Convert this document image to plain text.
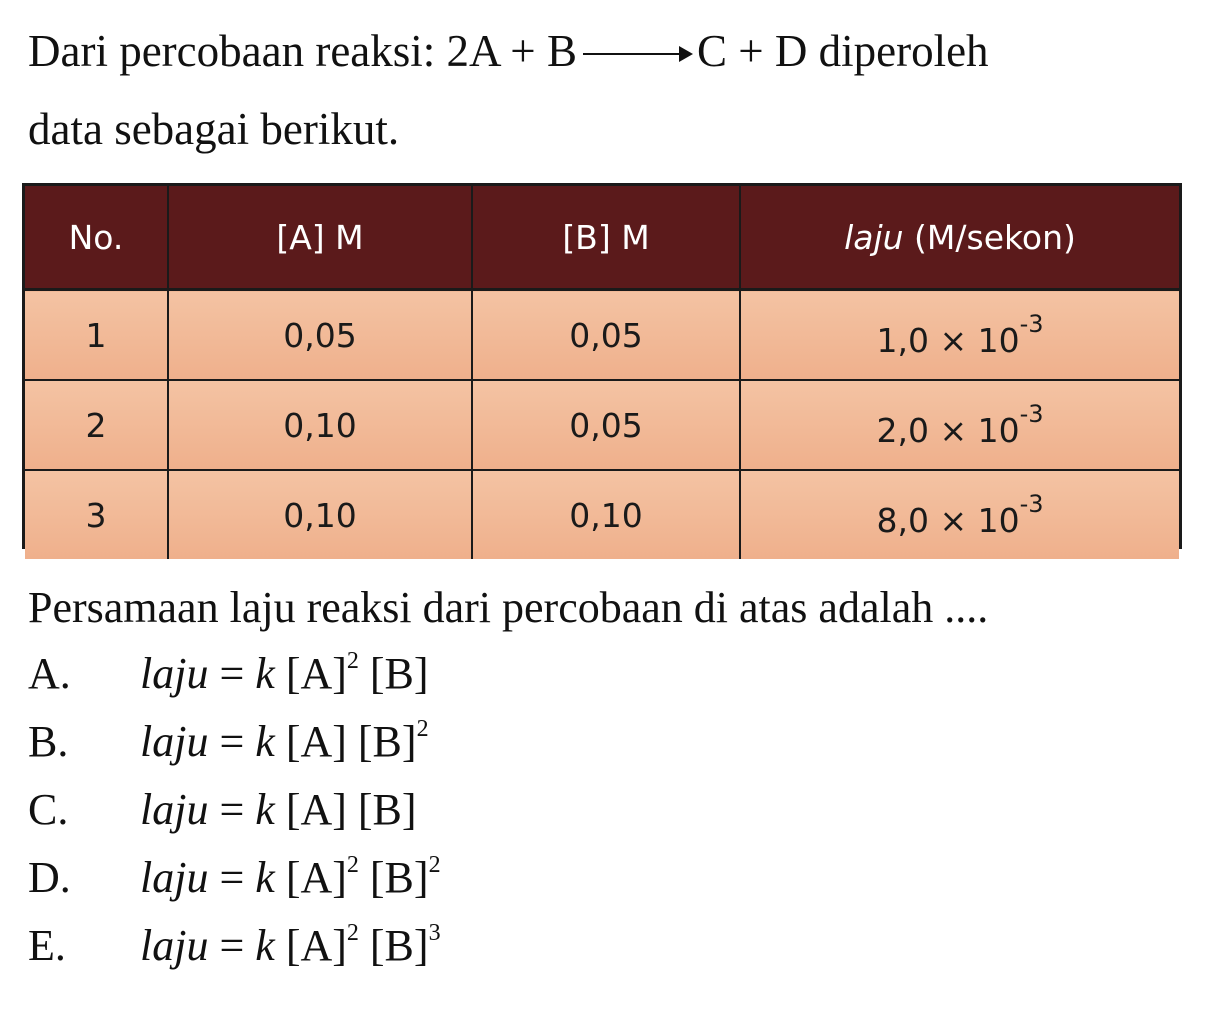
Dari percobaan reaksi: 2A + B → C + D diperoleh
data sebagai berikut.
No.	[A] M	[B] M	laju (M/sekon)
1	0,05	0,05	$1,0 \times 10^{-3}$
2	0,10	0,05	$2,0 \times 10^{-3}$
3	0,10	0,10	$8,0 \times 10^{-3}$
Persamaan laju reaksi dari percobaan di atas adalah ....
A. laju = k $[A]^2$ [B]
B. laju = k [A] $[B]^2$
C. laju = k [A] [B]
D. laju = k $[A]^2$ $[B]^2$
E. laju = k $[A]^2$ $[B]^3$
